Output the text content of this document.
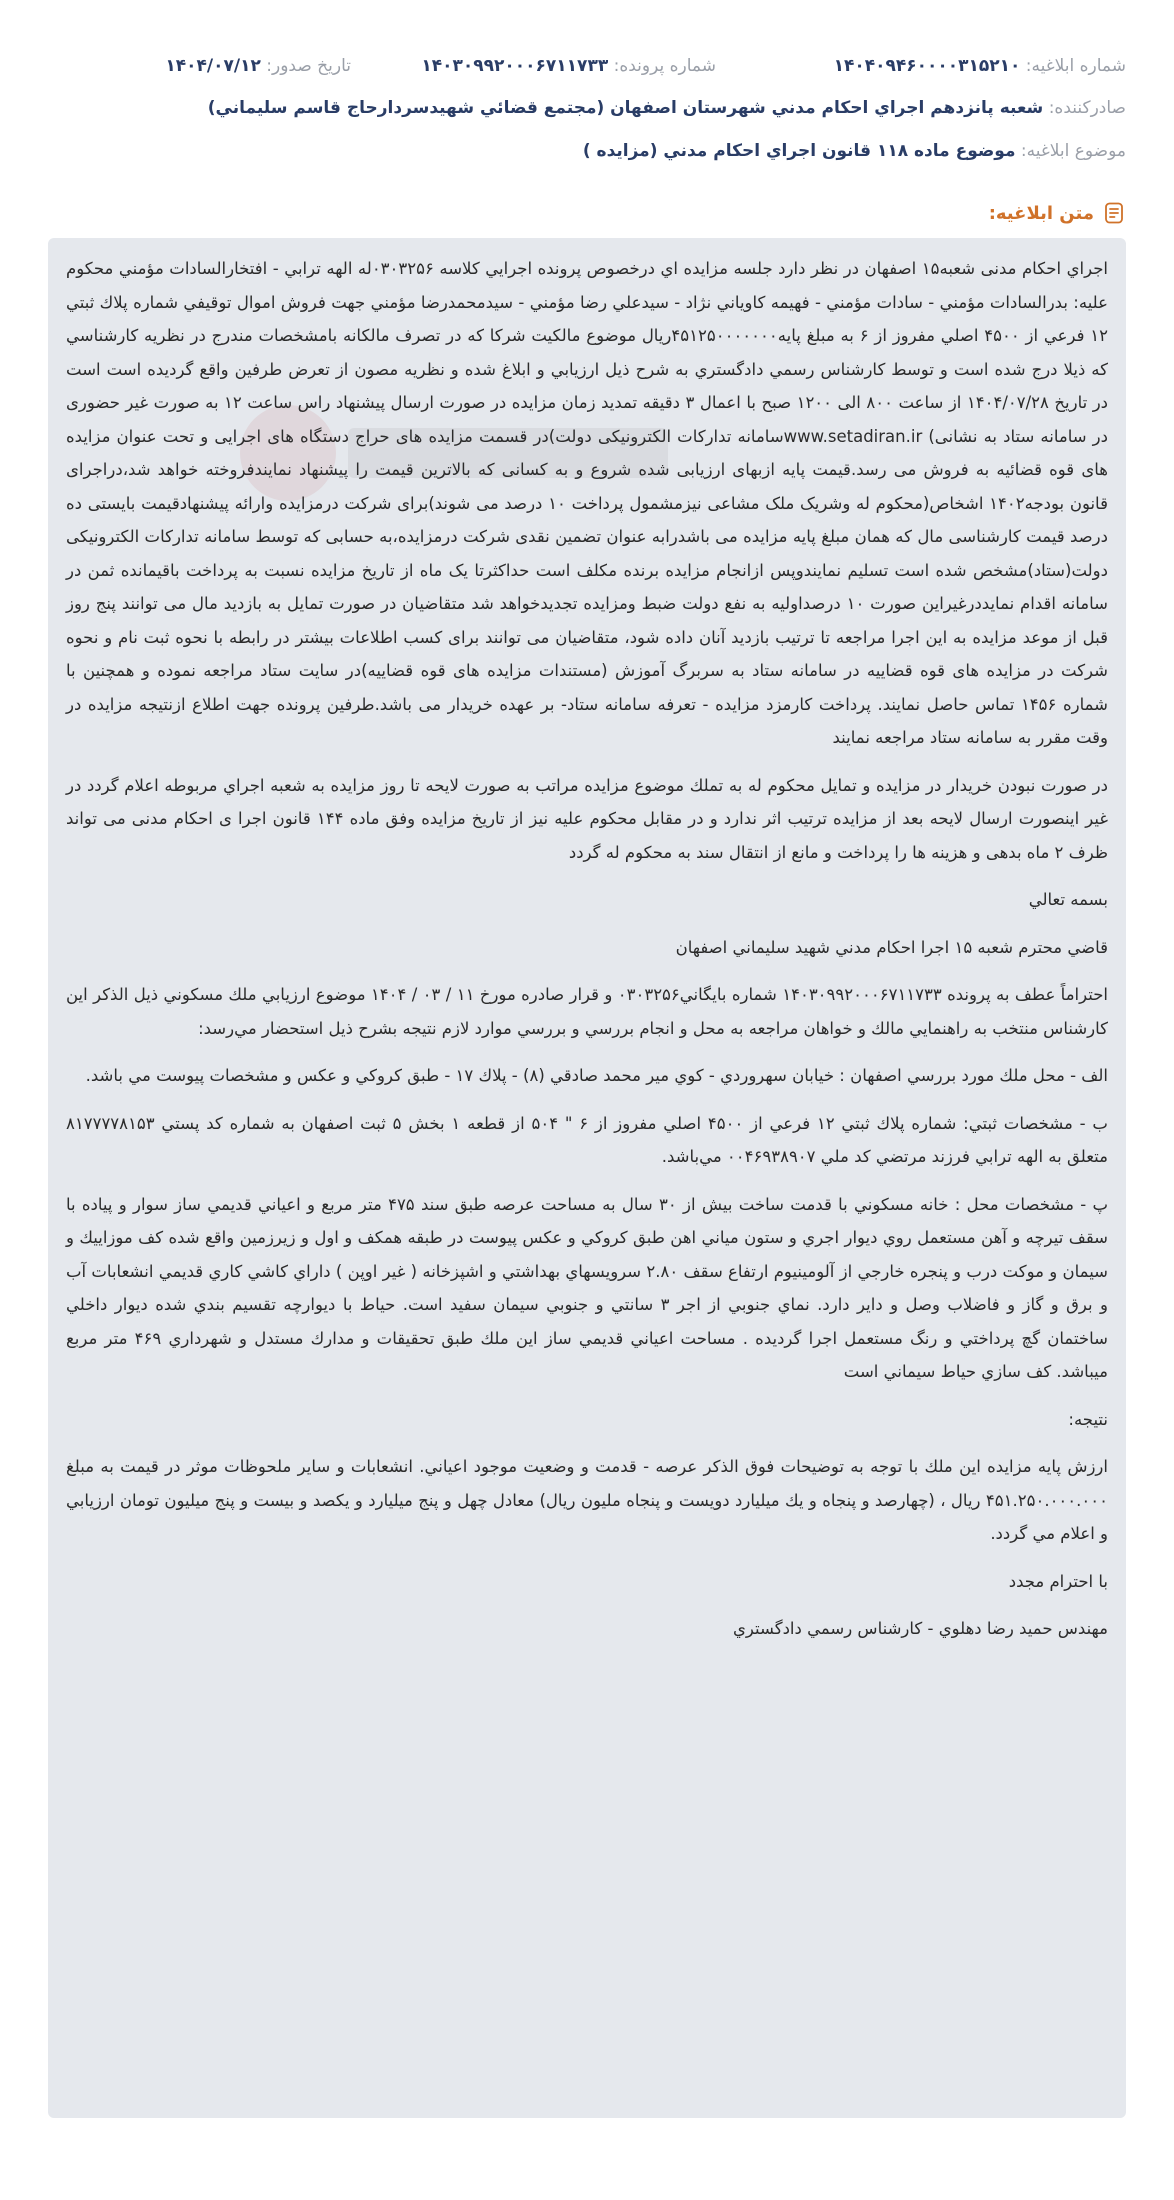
شماره ابلاغيه: ۱۴۰۴۰۹۴۶۰۰۰۰۳۱۵۲۱۰
شماره پرونده: ۱۴۰۳۰۹۹۲۰۰۰۶۷۱۱۷۳۳
تاريخ صدور: ۱۴۰۴/۰۷/۱۲
صادرکننده: شعبه پانزدهم اجراي احكام مدني شهرستان اصفهان (مجتمع قضائي شهيدسردارحاج قاسم سليماني)
موضوع ابلاغيه: موضوع ماده ۱۱۸ قانون اجراي احکام مدني (مزايده )
متن ابلاغيه:

اجراي احكام مدنی شعبه۱۵ اصفهان در نظر دارد جلسه مزايده اي درخصوص پرونده اجرايي كلاسه ۰۳۰۳۲۵۶له الهه ترابي - افتخارالسادات مؤمني محكوم عليه: بدرالسادات مؤمني - سادات مؤمني - فهيمه كاوياني نژاد - سيدعلي رضا مؤمني - سيدمحمدرضا مؤمني جهت فروش اموال توقيفي شماره پلاك ثبتي ۱۲ فرعي از ۴۵۰۰ اصلي مفروز از ۶ به مبلغ پايه۴۵۱۲۵۰۰۰۰۰۰۰ريال موضوع مالكيت شركا كه در تصرف مالكانه بامشخصات مندرج در نظريه كارشناسي كه ذيلا درج شده است و توسط كارشناس رسمي دادگستري به شرح ذيل ارزيابي و ابلاغ شده و نظريه مصون از تعرض طرفين واقع گرديده است است در تاريخ ۱۴۰۴/۰۷/۲۸ از ساعت ۸۰۰ الی ۱۲۰۰ صبح با اعمال ۳ دقيقه تمديد زمان مزايده در صورت ارسال پيشنهاد راس ساعت ۱۲ به صورت غير حضوری در سامانه ستاد به نشانی) www.setadiran.irسامانه تدارکات الکترونيکی دولت)در قسمت مزايده های حراج دستگاه های اجرايی و تحت عنوان مزايده های قوه قضائيه به فروش می رسد.قيمت پايه ازبهای ارزيابی شده شروع و به کسانی که بالاترين قيمت را پيشنهاد نمايندفروخته خواهد شد،دراجرای قانون بودجه۱۴۰۲ اشخاص(محكوم له وشريک ملک مشاعی نيزمشمول پرداخت ۱۰ درصد می شوند)برای شرکت درمزايده وارائه پيشنهادقيمت بايستی ده درصد قيمت کارشناسی مال که همان مبلغ پايه مزايده می باشدرابه عنوان تضمين نقدی شرکت درمزايده،به حسابی که توسط سامانه تدارکات الکترونيکی دولت(ستاد)مشخص شده است تسليم نمايندوپس ازانجام مزايده برنده مکلف است حداکثرتا يک ماه از تاريخ مزايده نسبت به پرداخت باقيمانده ثمن در سامانه اقدام نمايددرغيراين صورت ۱۰ درصداوليه به نفع دولت ضبط ومزايده تجديدخواهد شد متقاضيان در صورت تمايل به بازديد مال می توانند پنج روز قبل از موعد مزايده به اين اجرا مراجعه تا ترتيب بازديد آنان داده شود، متقاضيان می توانند برای کسب اطلاعات بيشتر در رابطه با نحوه ثبت نام و نحوه شرکت در مزايده های قوه قضاييه در سامانه ستاد به سربرگ آموزش (مستندات مزايده های قوه قضاييه)در سايت ستاد مراجعه نموده و همچنين با شماره ۱۴۵۶ تماس حاصل نمايند. پرداخت کارمزد مزايده - تعرفه سامانه ستاد- بر عهده خريدار می باشد.طرفين پرونده جهت اطلاع ازنتيجه مزايده در وقت مقرر به سامانه ستاد مراجعه نمايند

در صورت نبودن خريدار در مزايده و تمايل محكوم له به تملك موضوع مزايده مراتب به صورت لايحه تا روز مزايده به شعبه اجراي مربوطه اعلام گردد در غير اينصورت ارسال لايحه بعد از مزايده ترتيب اثر ندارد و در مقابل محكوم عليه نيز از تاريخ مزايده وفق ماده ۱۴۴ قانون اجرا ی احكام مدنی می تواند ظرف ۲ ماه بدهی و هزينه ها را پرداخت و مانع از انتقال سند به محكوم له گردد

بسمه تعالي

قاضي محترم شعبه ۱۵ اجرا احكام مدني شهيد سليماني اصفهان

احتراماً عطف به پرونده ۱۴۰۳۰۹۹۲۰۰۰۶۷۱۱۷۳۳ شماره بايگاني۰۳۰۳۲۵۶ و قرار صادره مورخ ۱۱ / ۰۳ / ۱۴۰۴ موضوع ارزيابي ملك مسكوني ذيل الذكر اين كارشناس منتخب به راهنمايي مالك و خواهان مراجعه به محل و انجام بررسي و بررسي موارد لازم نتيجه بشرح ذيل استحضار مي‌رسد:

الف - محل ملك مورد بررسي اصفهان : خيابان سهروردي - كوي مير محمد صادقي (۸) - پلاك ۱۷ - طبق كروكي و عكس و مشخصات پيوست مي باشد.

ب - مشخصات ثبتي: شماره پلاك ثبتي ۱۲ فرعي از ۴۵۰۰ اصلي مفروز از ۶ " ۵۰۴ از قطعه ۱ بخش ۵ ثبت اصفهان به شماره كد پستي ۸۱۷۷۷۷۸۱۵۳ متعلق به الهه ترابي فرزند مرتضي كد ملي ۰۰۴۶۹۳۸۹۰۷ مي‌باشد.

پ - مشخصات محل : خانه مسكوني با قدمت ساخت بيش از ۳۰ سال به مساحت عرصه طبق سند ۴۷۵ متر مربع و اعياني قديمي ساز سوار و پياده با سقف تيرچه و آهن مستعمل روي ديوار اجري و ستون مياني اهن طبق كروكي و عكس پيوست در طبقه همكف و اول و زيرزمين واقع شده كف موزاييك و سيمان و موكت درب و پنجره خارجي از آلومينيوم ارتفاع سقف ۲.۸۰ سرويسهاي بهداشتي و اشپزخانه ( غير اوپن ) داراي كاشي كاري قديمي انشعابات آب و برق و گاز و فاضلاب وصل و داير دارد. نماي جنوبي از اجر ۳ سانتي و جنوبي سيمان سفيد است. حياط با ديوارچه تقسيم بندي شده ديوار داخلي ساختمان گچ پرداختي و رنگ مستعمل اجرا گرديده . مساحت اعياني قديمي ساز اين ملك طبق تحقيقات و مدارك مستدل و شهرداري ۴۶۹ متر مربع ميباشد. كف سازي حياط سيماني است

نتيجه:

ارزش پايه مزايده اين ملك با توجه به توضيحات فوق الذكر عرصه - قدمت و وضعيت موجود اعياني. انشعابات و ساير ملحوظات موثر در قيمت به مبلغ ۴۵۱.۲۵۰.۰۰۰.۰۰۰ ريال ، (چهارصد و پنجاه و يك ميليارد دويست و پنجاه مليون ريال) معادل چهل و پنج ميليارد و يكصد و بيست و پنج ميليون تومان ارزيابي و اعلام مي گردد.

با احترام مجدد

مهندس حميد رضا دهلوي - كارشناس رسمي دادگستري
